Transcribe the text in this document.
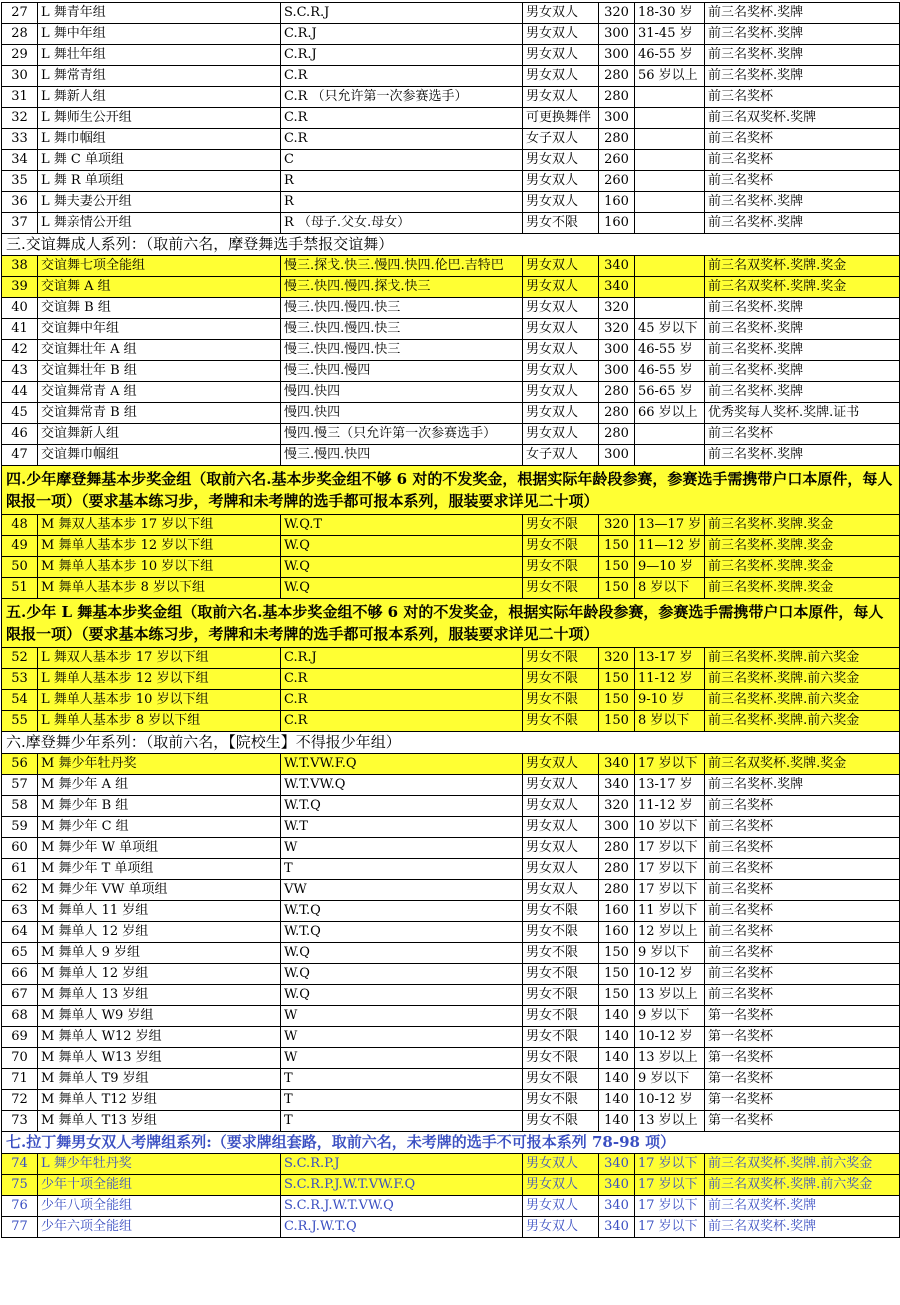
27	L 舞青年组	S.C.R.J	男女双人	320	18-30 岁	前三名奖杯.奖牌
28	L 舞中年组	C.R.J	男女双人	300	31-45 岁	前三名奖杯.奖牌
29	L 舞壮年组	C.R.J	男女双人	300	46-55 岁	前三名奖杯.奖牌
30	L 舞常青组	C.R	男女双人	280	56 岁以上	前三名奖杯.奖牌
31	L 舞新人组	C.R （只允许第一次参赛选手）	男女双人	280		前三名奖杯
32	L 舞师生公开组	C.R	可更换舞伴	300		前三名双奖杯.奖牌
33	L 舞巾帼组	C.R	女子双人	280		前三名奖杯
34	L 舞 C 单项组	C	男女双人	260		前三名奖杯
35	L 舞 R 单项组	R	男女双人	260		前三名奖杯
36	L 舞夫妻公开组	R	男女双人	160		前三名奖杯.奖牌
37	L 舞亲情公开组	R （母子.父女.母女）	男女不限	160		前三名奖杯.奖牌
三.交谊舞成人系列：（取前六名，摩登舞选手禁报交谊舞）						
38	交谊舞七项全能组	慢三.探戈.快三.慢四.快四.伦巴.吉特巴	男女双人	340		前三名双奖杯.奖牌.奖金
39	交谊舞 A 组	慢三.快四.慢四.探戈.快三	男女双人	340		前三名双奖杯.奖牌.奖金
40	交谊舞 B 组	慢三.快四.慢四.快三	男女双人	320		前三名奖杯.奖牌
41	交谊舞中年组	慢三.快四.慢四.快三	男女双人	320	45 岁以下	前三名奖杯.奖牌
42	交谊舞壮年 A 组	慢三.快四.慢四.快三	男女双人	300	46-55 岁	前三名奖杯.奖牌
43	交谊舞壮年 B 组	慢三.快四.慢四	男女双人	300	46-55 岁	前三名奖杯.奖牌
44	交谊舞常青 A 组	慢四.快四	男女双人	280	56-65 岁	前三名奖杯.奖牌
45	交谊舞常青 B 组	慢四.快四	男女双人	280	66 岁以上	优秀奖每人奖杯.奖牌.证书
46	交谊舞新人组	慢四.慢三（只允许第一次参赛选手）	男女双人	280		前三名奖杯
47	交谊舞巾帼组	慢三.慢四.快四	女子双人	300		前三名奖杯.奖牌
四.少年摩登舞基本步奖金组（取前六名.基本步奖金组不够 6 对的不发奖金，根据实际年龄段参赛，参赛选手需携带户口本原件，每人限报一项）（要求基本练习步，考牌和未考牌的选手都可报本系列，服装要求详见二十项）						
48	M 舞双人基本步 17 岁以下组	W.Q.T	男女不限	320	13—17 岁	前三名奖杯.奖牌.奖金
49	M 舞单人基本步 12 岁以下组	W.Q	男女不限	150	11—12 岁	前三名奖杯.奖牌.奖金
50	M 舞单人基本步 10 岁以下组	W.Q	男女不限	150	9—10 岁	前三名奖杯.奖牌.奖金
51	M 舞单人基本步 8 岁以下组	W.Q	男女不限	150	8 岁以下	前三名奖杯.奖牌.奖金
五.少年 L 舞基本步奖金组（取前六名.基本步奖金组不够 6 对的不发奖金，根据实际年龄段参赛，参赛选手需携带户口本原件，每人限报一项）（要求基本练习步，考牌和未考牌的选手都可报本系列，服装要求详见二十项）						
52	L 舞双人基本步 17 岁以下组	C.R.J	男女不限	320	13-17 岁	前三名奖杯.奖牌.前六奖金
53	L 舞单人基本步 12 岁以下组	C.R	男女不限	150	11-12 岁	前三名奖杯.奖牌.前六奖金
54	L 舞单人基本步 10 岁以下组	C.R	男女不限	150	9-10 岁	前三名奖杯.奖牌.前六奖金
55	L 舞单人基本步 8 岁以下组	C.R	男女不限	150	8 岁以下	前三名奖杯.奖牌.前六奖金
六.摩登舞少年系列：（取前六名，【院校生】不得报少年组）						
56	M 舞少年牡丹奖	W.T.VW.F.Q	男女双人	340	17 岁以下	前三名双奖杯.奖牌.奖金
57	M 舞少年 A 组	W.T.VW.Q	男女双人	340	13-17 岁	前三名奖杯.奖牌
58	M 舞少年 B 组	W.T.Q	男女双人	320	11-12 岁	前三名奖杯
59	M 舞少年 C 组	W.T	男女双人	300	10 岁以下	前三名奖杯
60	M 舞少年 W 单项组	W	男女双人	280	17 岁以下	前三名奖杯
61	M 舞少年 T 单项组	T	男女双人	280	17 岁以下	前三名奖杯
62	M 舞少年 VW 单项组	VW	男女双人	280	17 岁以下	前三名奖杯
63	M 舞单人 11 岁组	W.T.Q	男女不限	160	11 岁以下	前三名奖杯
64	M 舞单人 12 岁组	W.T.Q	男女不限	160	12 岁以上	前三名奖杯
65	M 舞单人 9 岁组	W.Q	男女不限	150	9 岁以下	前三名奖杯
66	M 舞单人 12 岁组	W.Q	男女不限	150	10-12 岁	前三名奖杯
67	M 舞单人 13 岁组	W.Q	男女不限	150	13 岁以上	前三名奖杯
68	M 舞单人 W9 岁组	W	男女不限	140	9 岁以下	第一名奖杯
69	M 舞单人 W12 岁组	W	男女不限	140	10-12 岁	第一名奖杯
70	M 舞单人 W13 岁组	W	男女不限	140	13 岁以上	第一名奖杯
71	M 舞单人 T9 岁组	T	男女不限	140	9 岁以下	第一名奖杯
72	M 舞单人 T12 岁组	T	男女不限	140	10-12 岁	第一名奖杯
73	M 舞单人 T13 岁组	T	男女不限	140	13 岁以上	第一名奖杯
七.拉丁舞男女双人考牌组系列:（要求牌组套路，取前六名，未考牌的选手不可报本系列 78-98 项）						
74	L 舞少年牡丹奖	S.C.R.P.J	男女双人	340	17 岁以下	前三名双奖杯.奖牌.前六奖金
75	少年十项全能组	S.C.R.P.J.W.T.VW.F.Q	男女双人	340	17 岁以下	前三名双奖杯.奖牌.前六奖金
76	少年八项全能组	S.C.R.J.W.T.VW.Q	男女双人	340	17 岁以下	前三名双奖杯.奖牌
77	少年六项全能组	C.R.J.W.T.Q	男女双人	340	17 岁以下	前三名双奖杯.奖牌
